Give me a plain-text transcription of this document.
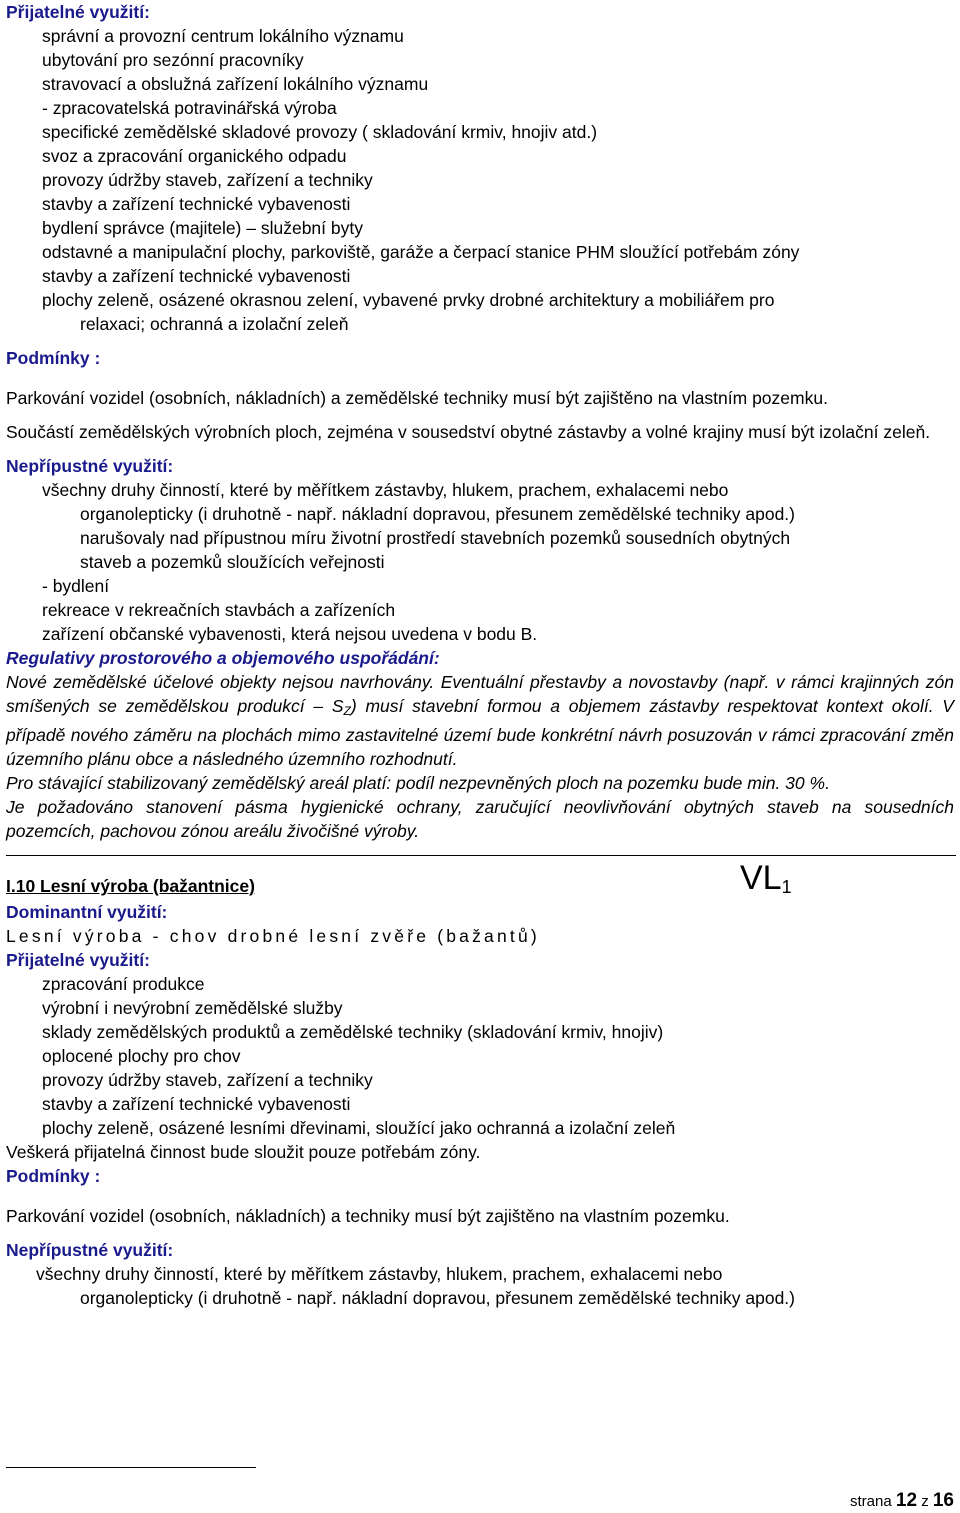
Přijatelné využití:
správní a provozní centrum lokálního významu
ubytování pro sezónní pracovníky
stravovací a obslužná zařízení lokálního významu
- zpracovatelská potravinářská výroba
specifické zemědělské skladové provozy ( skladování krmiv, hnojiv atd.)
svoz a zpracování organického odpadu
provozy údržby staveb, zařízení a techniky
stavby a zařízení technické vybavenosti
bydlení správce (majitele) – služební byty
odstavné a manipulační plochy, parkoviště, garáže a čerpací stanice PHM sloužící potřebám zóny
stavby a zařízení technické vybavenosti
plochy zeleně, osázené okrasnou zelení, vybavené prvky drobné architektury a mobiliářem pro
relaxaci; ochranná a izolační zeleň
Podmínky :
Parkování vozidel (osobních, nákladních) a zemědělské techniky musí být zajištěno na vlastním pozemku.
Součástí zemědělských výrobních ploch, zejména v sousedství obytné zástavby a volné krajiny musí být izolační zeleň.
Nepřípustné využití:
všechny druhy činností, které by měřítkem zástavby, hlukem, prachem, exhalacemi nebo
organolepticky (i druhotně - např. nákladní dopravou, přesunem zemědělské techniky apod.)
narušovaly nad přípustnou míru životní prostředí stavebních pozemků sousedních obytných
staveb a pozemků sloužících veřejnosti
- bydlení
rekreace v rekreačních stavbách a zařízeních
zařízení občanské vybavenosti, která nejsou uvedena v bodu B.
Regulativy prostorového a objemového uspořádání:
Nové zemědělské účelové objekty nejsou navrhovány. Eventuální přestavby a novostavby (např. v rámci krajinných zón smíšených se zemědělskou produkcí – SZ) musí stavební formou a objemem zástavby respektovat kontext okolí. V případě nového záměru na plochách mimo zastavitelné území bude konkrétní návrh posuzován v rámci zpracování změn územního plánu obce a následného územního rozhodnutí.
Pro stávající stabilizovaný zemědělský areál platí: podíl nezpevněných ploch na pozemku bude min. 30 %.
Je požadováno stanovení pásma hygienické ochrany, zaručující neovlivňování obytných staveb na sousedních pozemcích, pachovou zónou areálu živočišné výroby.
I.10 Lesní výroba (bažantnice)	$VL_1$
Dominantní využití:
Lesní výroba - chov drobné lesní zvěře (bažantů)
Přijatelné využití:
zpracování produkce
výrobní i nevýrobní zemědělské služby
sklady zemědělských produktů a zemědělské techniky (skladování krmiv, hnojiv)
oplocené plochy pro chov
provozy údržby staveb, zařízení a techniky
stavby a zařízení technické vybavenosti
plochy zeleně, osázené lesními dřevinami, sloužící jako ochranná a izolační zeleň
Veškerá přijatelná činnost bude sloužit pouze potřebám zóny.
Podmínky :
Parkování vozidel (osobních, nákladních) a techniky musí být zajištěno na vlastním pozemku.
Nepřípustné využití:
všechny druhy činností, které by měřítkem zástavby, hlukem, prachem, exhalacemi nebo
organolepticky (i druhotně - např. nákladní dopravou, přesunem zemědělské techniky apod.)
strana 12 z 16
